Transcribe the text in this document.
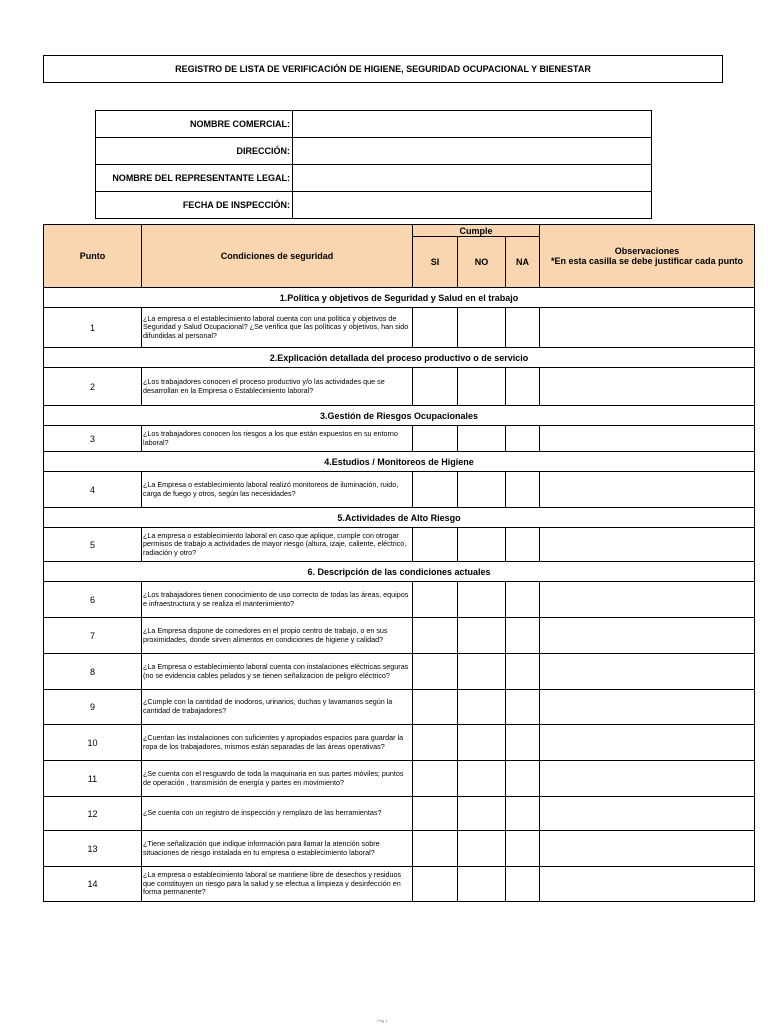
REGISTRO DE LISTA DE VERIFICACIÓN DE HIGIENE, SEGURIDAD OCUPACIONAL Y BIENESTAR
NOMBRE COMERCIAL:	
DIRECCIÓN:	
NOMBRE DEL REPRESENTANTE LEGAL:	
FECHA DE INSPECCIÓN:	
Punto	Condiciones de seguridad	Cumple			Observaciones
*En esta casilla se debe justificar cada punto

		SI	NO	NA	
1.Política y objetivos de Seguridad y Salud en el trabajo					
1	¿La empresa o el establecimiento laboral cuenta con una política y objetivos de Seguridad y Salud Ocupacional? ¿Se verifica que las políticas y objetivos, han sido difundidas al personal?				
2.Explicación detallada del proceso productivo o de servicio					
2	¿Los trabajadores conocen el proceso productivo y/o las actividades que se desarrollan en la Empresa o Establecimiento laboral?				
3.Gestión de Riesgos Ocupacionales					
3	¿Los trabajadores conocen los riesgos a los que están expuestos en su entorno laboral?				
4.Estudios / Monitoreos de Higiene					
4	¿La Empresa o establecimiento laboral realizó monitoreos de iluminación, ruido, carga de fuego y otros, según las necesidades?				
5.Actividades de Alto Riesgo					
5	¿La empresa o establecimiento laboral en caso que aplique, cumple con otrogar permisos de trabajo a actividades de mayor riesgo (altura, izaje, caliente, eléctrico, radiación y otro?				
6. Descripción de las condiciones actuales					
6	¿Los trabajadores tienen conocimiento de uso correcto de todas las áreas, equipos e infraestructura y se realiza el mantenimiento?				
7	¿La Empresa dispone de comedores en el propio centro de trabajo, o en sus proximidades, donde sirven alimentos en condiciones de higiene y calidad?				
8	¿La Empresa o establecimiento laboral cuenta con instalaciones eléctricas seguras (no se evidencia cables pelados y se tienen señalizacion de peligro eléctrico?				
9	¿Cumple con la cantidad de inodoros, urinarios, duchas y lavamanos según la cantidad de trabajadores?				
10	¿Cuentan las instalaciones con suficientes y apropiados espacios para guardar la ropa de los trabajadores, mismos están separadas de las áreas operativas?				
11	¿Se cuenta con el resguardo de toda la maquinaria en sus partes móviles; puntos de operación , transmisión de energía y partes en movimiento?				
12	¿Se cuenta con un registro de inspección y remplazo de las herramientas?				
13	¿Tiene señalización que indique información para llamar la atención sobre situaciones de riesgo instalada en tu empresa o establecimiento laboral?				
14	¿La empresa o establecimiento laboral se mantiene libre de desechos y residuos que constituyen un riesgo para la salud y se efectua a limpieza y desinfección en forma permanente?				
Pág 1
